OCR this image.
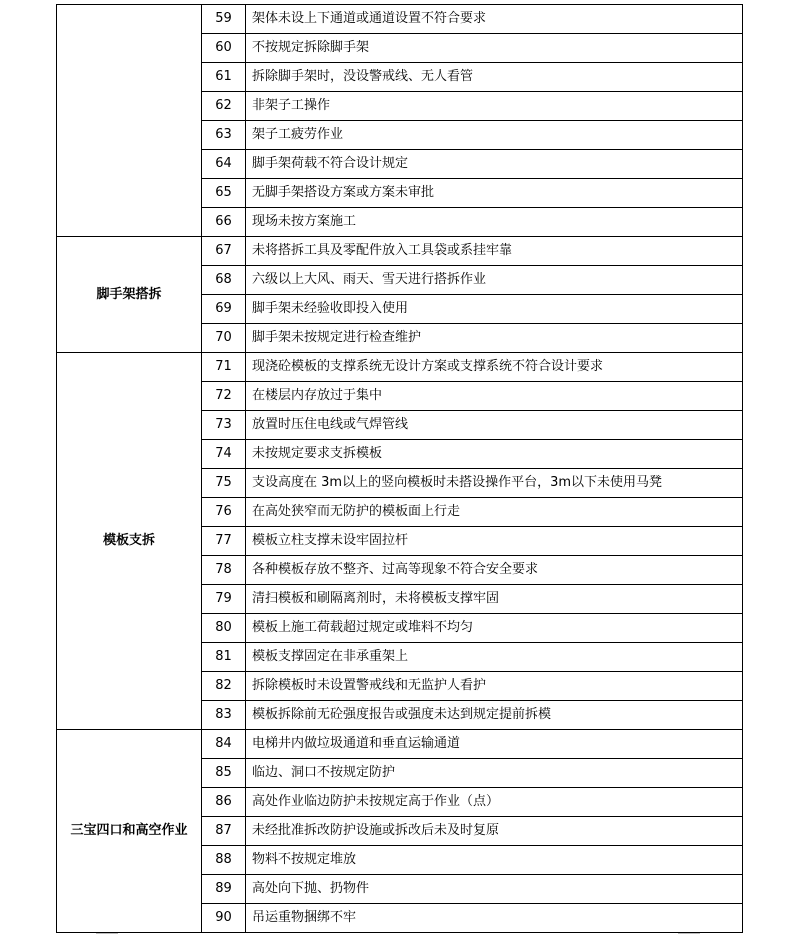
	59	架体未设上下通道或通道设置不符合要求
	60	不按规定拆除脚手架
	61	拆除脚手架时，没设警戒线、无人看管
	62	非架子工操作
	63	架子工疲劳作业
	64	脚手架荷载不符合设计规定
	65	无脚手架搭设方案或方案未审批
	66	现场未按方案施工
脚手架搭拆	67	未将搭拆工具及零配件放入工具袋或系挂牢靠
	68	六级以上大风、雨天、雪天进行搭拆作业
	69	脚手架未经验收即投入使用
	70	脚手架未按规定进行检查维护
模板支拆	71	现浇砼模板的支撑系统无设计方案或支撑系统不符合设计要求
	72	在楼层内存放过于集中
	73	放置时压住电线或气焊管线
	74	未按规定要求支拆模板
	75	支设高度在 3m以上的竖向模板时未搭设操作平台，3m以下未使用马凳
	76	在高处狭窄而无防护的模板面上行走
	77	模板立柱支撑未设牢固拉杆
	78	各种模板存放不整齐、过高等现象不符合安全要求
	79	清扫模板和刷隔离剂时，未将模板支撑牢固
	80	模板上施工荷载超过规定或堆料不均匀
	81	模板支撑固定在非承重架上
	82	拆除模板时未设置警戒线和无监护人看护
	83	模板拆除前无砼强度报告或强度未达到规定提前拆模
三宝四口和高空作业	84	电梯井内做垃圾通道和垂直运输通道
	85	临边、洞口不按规定防护
	86	高处作业临边防护未按规定高于作业（点）
	87	未经批准拆改防护设施或拆改后未及时复原
	88	物料不按规定堆放
	89	高处向下抛、扔物件
	90	吊运重物捆绑不牢
